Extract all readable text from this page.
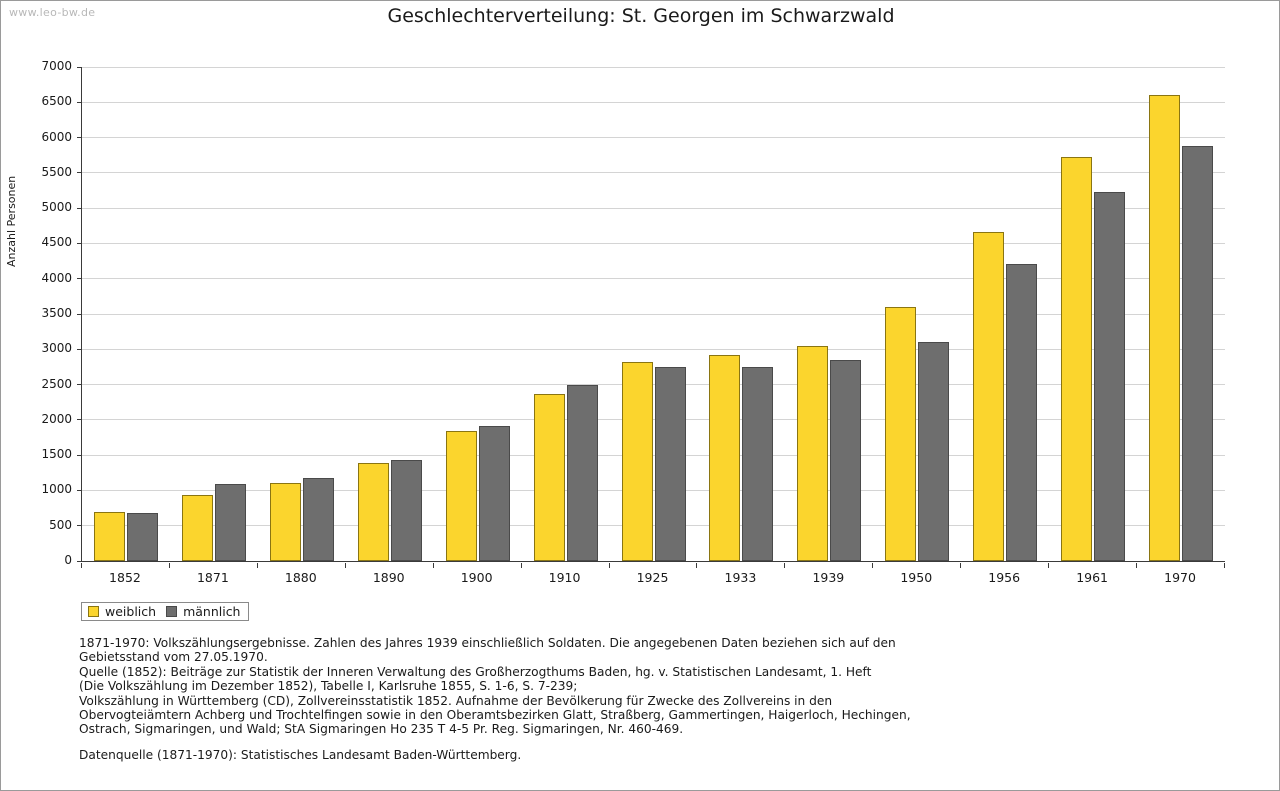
www.leo-bw.de	Geschlechterverteilung: St. Georgen im Schwarzwald
Anzahl Personen
0
500
1000
1500
2000
2500
3000
3500
4000
4500
5000
5500
6000
6500
7000
1852	1871	1880	1890	1900	1910	1925	1933	1939	1950	1956	1961	1970
weiblich männlich

1871-1970: Volkszählungsergebnisse. Zahlen des Jahres 1939 einschließlich Soldaten. Die angegebenen Daten beziehen sich auf den

Gebietsstand vom 27.05.1970.

Quelle (1852): Beiträge zur Statistik der Inneren Verwaltung des Großherzogthums Baden, hg. v. Statistischen Landesamt, 1. Heft

(Die Volkszählung im Dezember 1852), Tabelle I, Karlsruhe 1855, S. 1-6, S. 7-239;

Volkszählung in Württemberg (CD), Zollvereinsstatistik 1852. Aufnahme der Bevölkerung für Zwecke des Zollvereins in den

Obervogteiämtern Achberg und Trochtelfingen sowie in den Oberamtsbezirken Glatt, Straßberg, Gammertingen, Haigerloch, Hechingen,

Ostrach, Sigmaringen, und Wald; StA Sigmaringen Ho 235 T 4-5 Pr. Reg. Sigmaringen, Nr. 460-469.

Datenquelle (1871-1970): Statistisches Landesamt Baden-Württemberg.
